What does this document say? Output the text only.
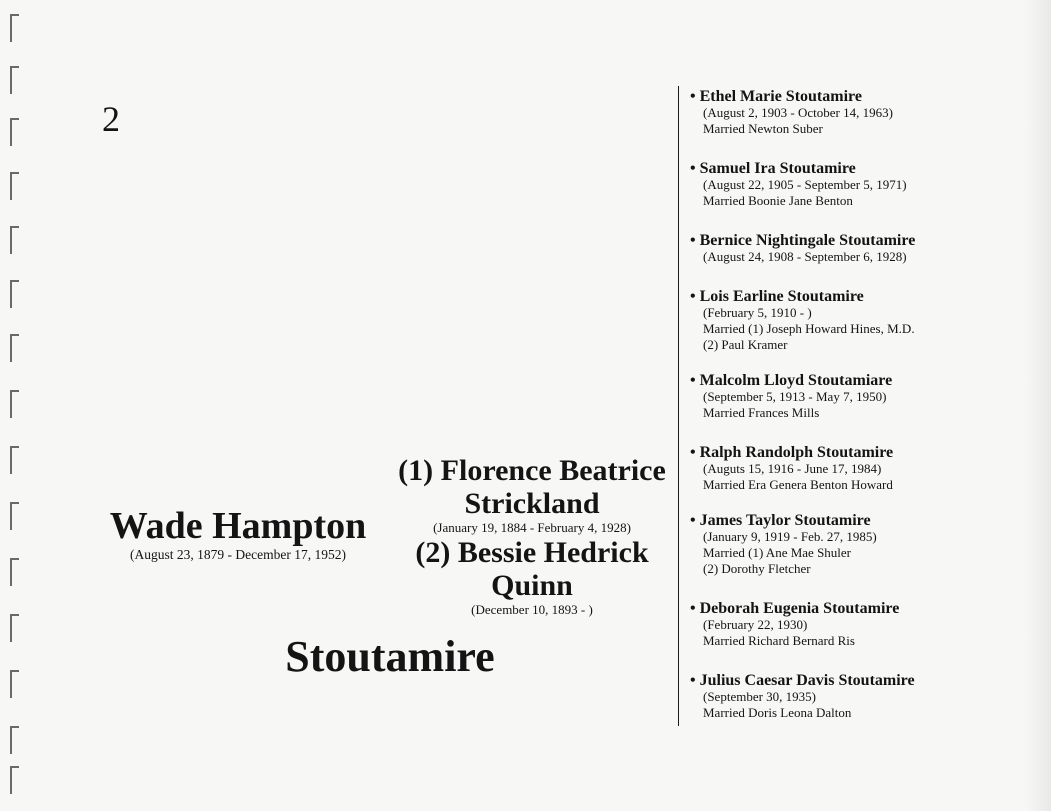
2
Wade Hampton
(August 23, 1879 - December 17, 1952)
(1) Florence Beatrice Strickland
(January 19, 1884 - February 4, 1928)
(2) Bessie Hedrick Quinn
(December 10, 1893 - )
Stoutamire
• Ethel Marie Stoutamire
(August 2, 1903 - October 14, 1963)
Married Newton Suber
• Samuel Ira Stoutamire
(August 22, 1905 - September 5, 1971)
Married Boonie Jane Benton
• Bernice Nightingale Stoutamire
(August 24, 1908 - September 6, 1928)
• Lois Earline Stoutamire
(February 5, 1910 - )
Married (1) Joseph Howard Hines, M.D.
(2) Paul Kramer
• Malcolm Lloyd Stoutamiare
(September 5, 1913 - May 7, 1950)
Married Frances Mills
• Ralph Randolph Stoutamire
(Auguts 15, 1916 - June 17, 1984)
Married Era Genera Benton Howard
• James Taylor Stoutamire
(January 9, 1919 - Feb. 27, 1985)
Married (1) Ane Mae Shuler
(2) Dorothy Fletcher
• Deborah Eugenia Stoutamire
(February 22, 1930)
Married Richard Bernard Ris
• Julius Caesar Davis Stoutamire
(September 30, 1935)
Married Doris Leona Dalton
